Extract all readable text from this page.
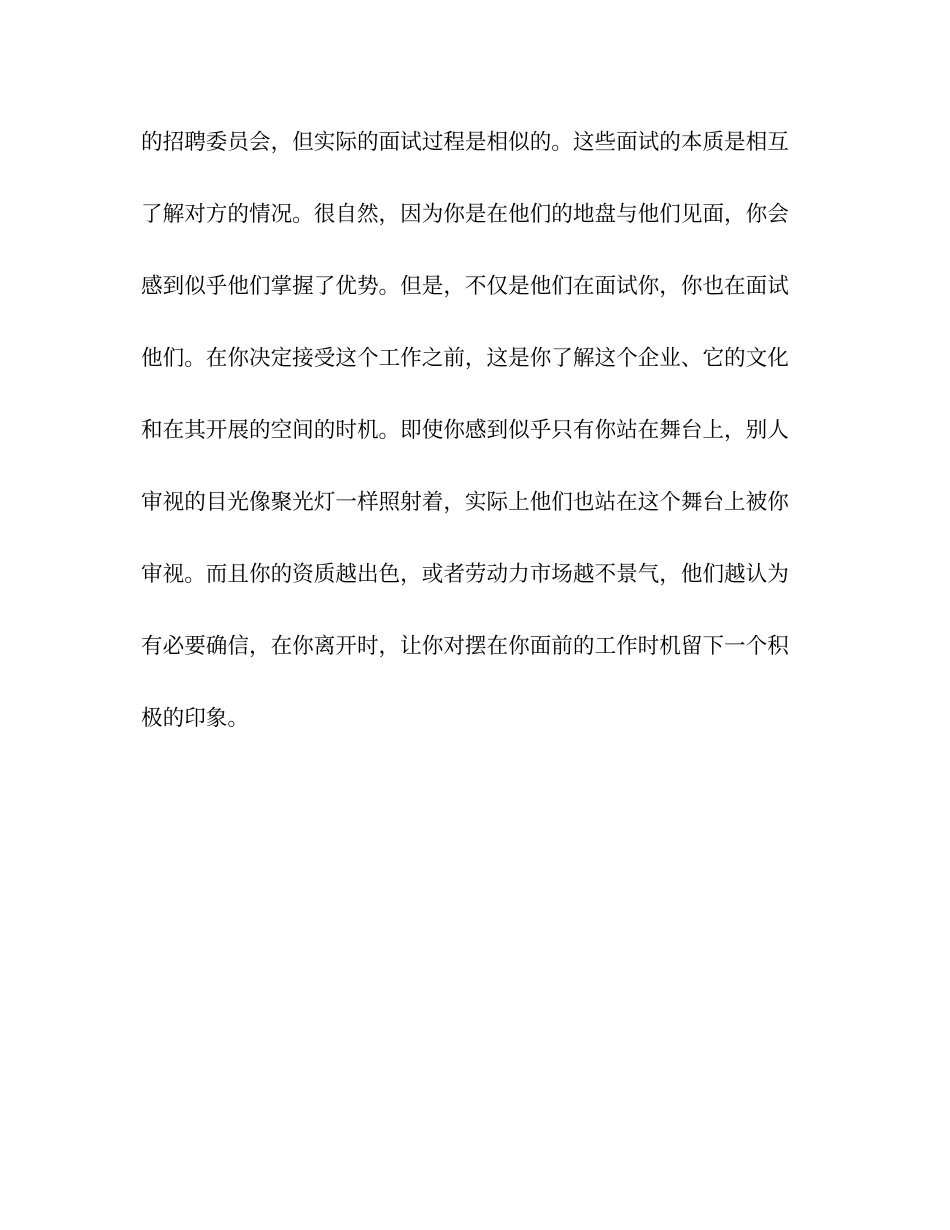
的招聘委员会，但实际的面试过程是相似的。这些面试的本质是相互
了解对方的情况。很自然，因为你是在他们的地盘与他们见面，你会
感到似乎他们掌握了优势。但是，不仅是他们在面试你，你也在面试
他们。在你决定接受这个工作之前，这是你了解这个企业、它的文化
和在其开展的空间的时机。即使你感到似乎只有你站在舞台上，别人
审视的目光像聚光灯一样照射着，实际上他们也站在这个舞台上被你
审视。而且你的资质越出色，或者劳动力市场越不景气，他们越认为
有必要确信，在你离开时，让你对摆在你面前的工作时机留下一个积
极的印象。
